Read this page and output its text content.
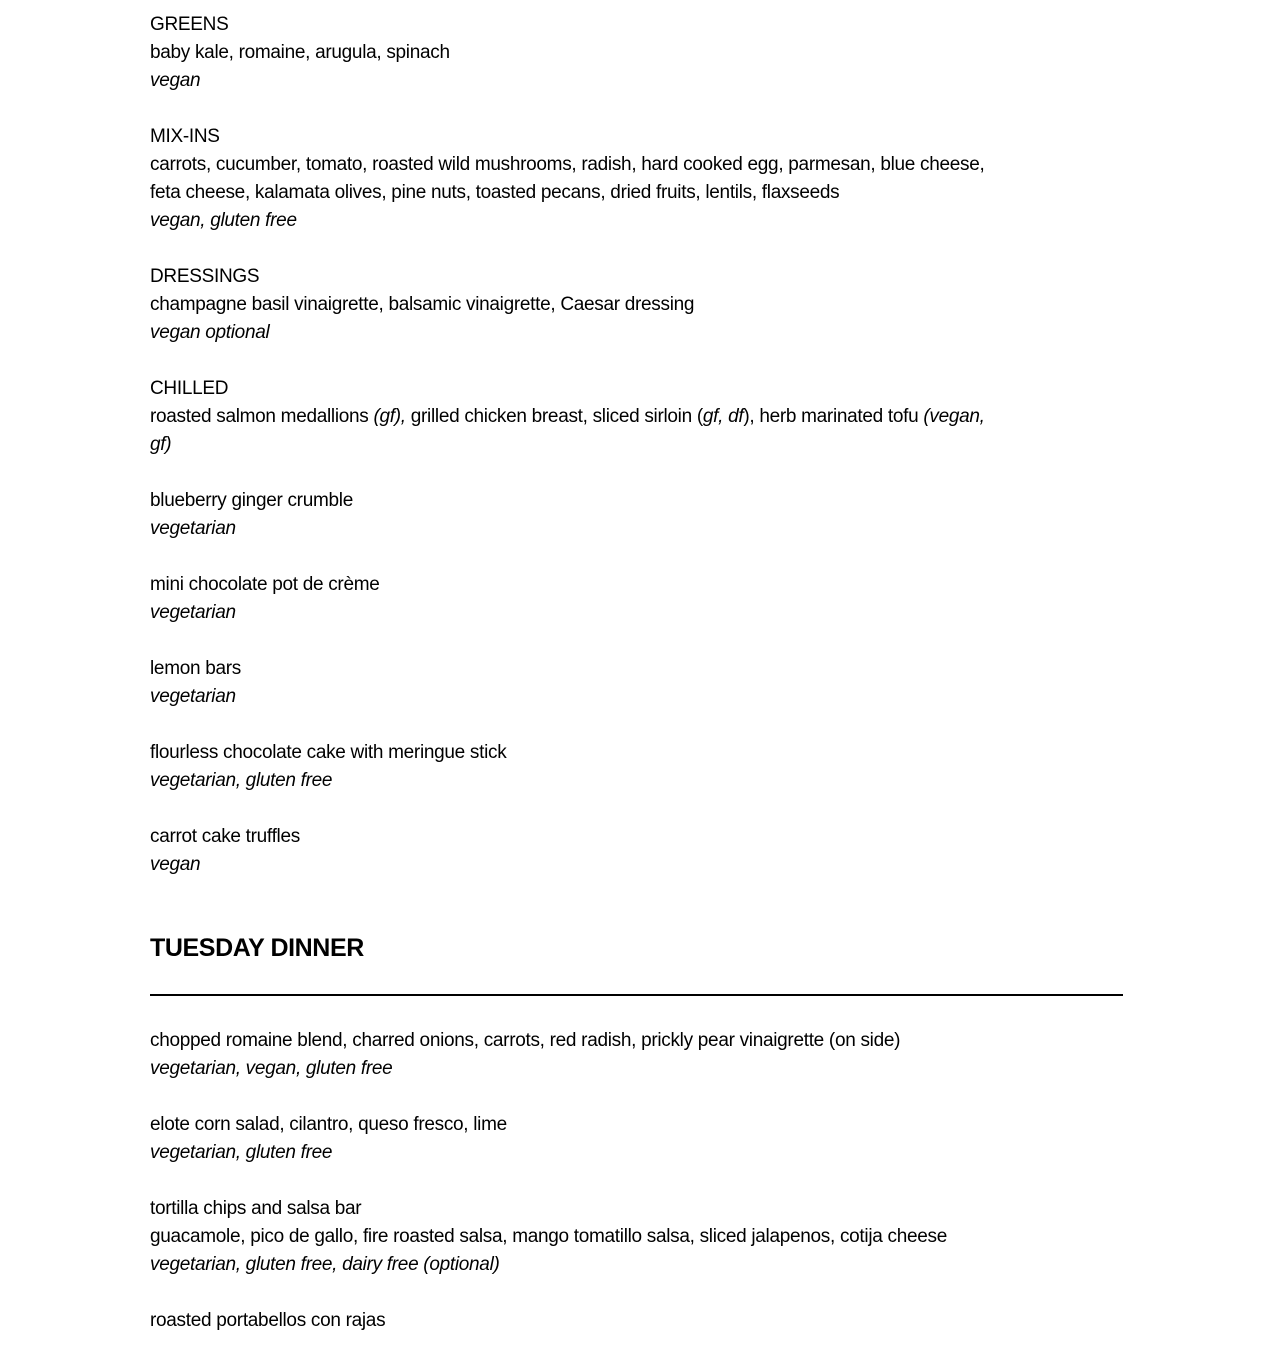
GREENS
baby kale, romaine, arugula, spinach
vegan
MIX-INS
carrots, cucumber, tomato, roasted wild mushrooms, radish, hard cooked egg, parmesan, blue cheese,
feta cheese, kalamata olives, pine nuts, toasted pecans, dried fruits, lentils, flaxseeds
vegan, gluten free
DRESSINGS
champagne basil vinaigrette, balsamic vinaigrette, Caesar dressing
vegan optional
CHILLED
roasted salmon medallions (gf), grilled chicken breast, sliced sirloin (gf, df), herb marinated tofu (vegan,
gf)
blueberry ginger crumble
vegetarian
mini chocolate pot de crème
vegetarian
lemon bars
vegetarian
flourless chocolate cake with meringue stick
vegetarian, gluten free
carrot cake truffles
vegan
TUESDAY DINNER
chopped romaine blend, charred onions, carrots, red radish, prickly pear vinaigrette (on side)
vegetarian, vegan, gluten free
elote corn salad, cilantro, queso fresco, lime
vegetarian, gluten free
tortilla chips and salsa bar
guacamole, pico de gallo, fire roasted salsa, mango tomatillo salsa, sliced jalapenos, cotija cheese
vegetarian, gluten free, dairy free (optional)
roasted portabellos con rajas
